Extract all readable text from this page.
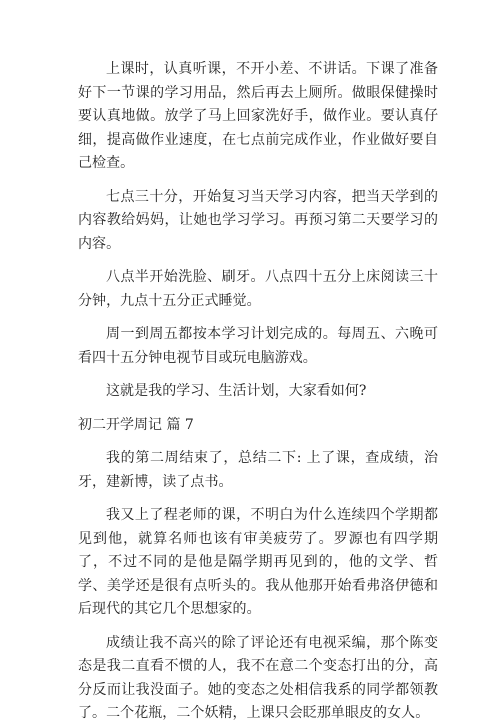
上课时，认真听课，不开小差、不讲话。下课了准备好下一节课的学习用品，然后再去上厕所。做眼保健操时要认真地做。放学了马上回家洗好手，做作业。要认真仔细，提高做作业速度，在七点前完成作业，作业做好要自己检查。

七点三十分，开始复习当天学习内容，把当天学到的内容教给妈妈，让她也学习学习。再预习第二天要学习的内容。

八点半开始洗脸、刷牙。八点四十五分上床阅读三十分钟，九点十五分正式睡觉。

周一到周五都按本学习计划完成的。每周五、六晚可看四十五分钟电视节目或玩电脑游戏。

这就是我的学习、生活计划，大家看如何?

初二开学周记 篇 7

我的第二周结束了，总结二下: 上了课，查成绩，治牙，建新博，读了点书。

我又上了程老师的课，不明白为什么连续四个学期都见到他，就算名师也该有审美疲劳了。罗源也有四学期了，不过不同的是他是隔学期再见到的，他的文学、哲学、美学还是很有点听头的。我从他那开始看弗洛伊德和后现代的其它几个思想家的。

成绩让我不高兴的除了评论还有电视采编，那个陈变态是我二直看不惯的人，我不在意二个变态打出的分，高分反而让我没面子。她的变态之处相信我系的同学都领教了。二个花瓶，二个妖精，上课只会眨那单眼皮的女人。
